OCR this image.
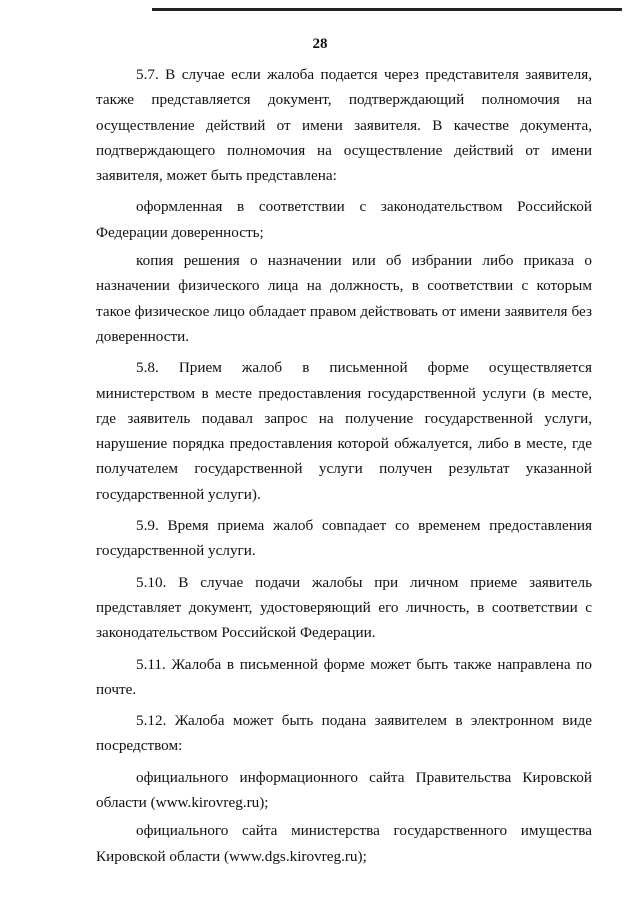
28

5.7. В случае если жалоба подается через представителя заявителя, также представляется документ, подтверждающий полномочия на осуществление действий от имени заявителя. В качестве документа, подтверждающего полномочия на осуществление действий от имени заявителя, может быть представлена:

оформленная в соответствии с законодательством Российской Федерации доверенность;

копия решения о назначении или об избрании либо приказа о назначении физического лица на должность, в соответствии с которым такое физическое лицо обладает правом действовать от имени заявителя без доверенности.

5.8. Прием жалоб в письменной форме осуществляется министерством в месте предоставления государственной услуги (в месте, где заявитель подавал запрос на получение государственной услуги, нарушение порядка предоставления которой обжалуется, либо в месте, где получателем государственной услуги получен результат указанной государственной услуги).

5.9. Время приема жалоб совпадает со временем предоставления государственной услуги.

5.10. В случае подачи жалобы при личном приеме заявитель представляет документ, удостоверяющий его личность, в соответствии с законодательством Российской Федерации.

5.11. Жалоба в письменной форме может быть также направлена по почте.

5.12. Жалоба может быть подана заявителем в электронном виде посредством:

официального информационного сайта Правительства Кировской области (www.kirovreg.ru);

официального сайта министерства государственного имущества Кировской области (www.dgs.kirovreg.ru);
